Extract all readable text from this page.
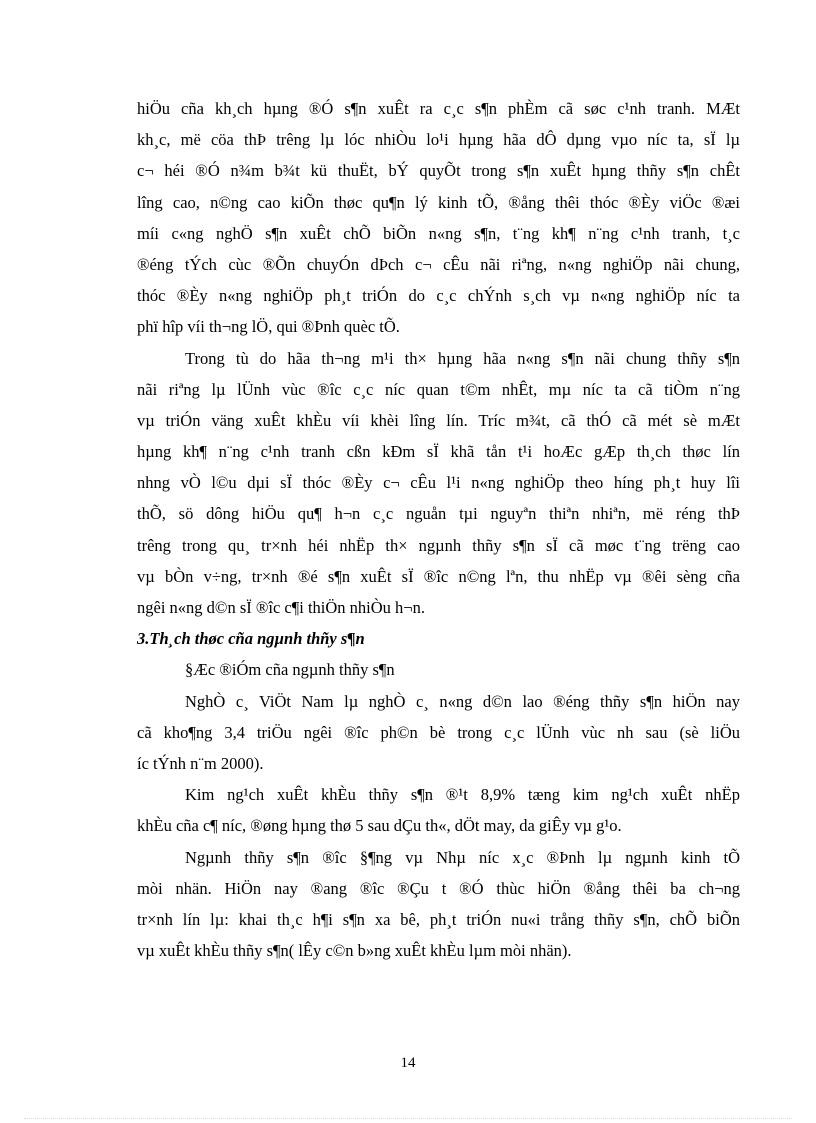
hiÖu cña kh¸ch hµng ®Ó s¶n xuÊt ra c¸c s¶n phÈm cã søc c¹nh tranh. MÆt
kh¸c, më cöa thÞ trêng lµ lóc nhiÒu lo¹i hµng hãa dÔ dµng vµo níc ta, sÏ lµ
c¬ héi ®Ó n¾m b¾t kü thuËt, bÝ quyÕt trong s¶n xuÊt hµng thñy s¶n chÊt
lîng cao, n©ng cao kiÕn thøc qu¶n lý kinh tÕ, ®ång thêi thóc ®Èy viÖc ®æi
míi c«ng nghÖ s¶n xuÊt chÕ biÕn n«ng s¶n, t¨ng kh¶ n¨ng c¹nh tranh, t¸c
®éng tÝch cùc ®Õn chuyÓn dÞch c¬ cÊu nãi riªng, n«ng nghiÖp nãi chung,
thóc ®Èy n«ng nghiÖp ph¸t triÓn do c¸c chÝnh s¸ch vµ n«ng nghiÖp níc ta
phï hîp víi th¬ng lÖ, qui ®Þnh quèc tÕ.
Trong tù do hãa th¬ng m¹i th× hµng hãa n«ng s¶n nãi chung thñy s¶n
nãi riªng lµ lÜnh vùc ®îc c¸c níc quan t©m nhÊt, mµ níc ta cã tiÒm n¨ng
vµ triÓn väng xuÊt khÈu víi khèi lîng lín. Tríc m¾t, cã thÓ cã mét sè mÆt
hµng kh¶ n¨ng c¹nh tranh cßn kÐm sÏ khã tån t¹i hoÆc gÆp th¸ch thøc lín
nhng vÒ l©u dµi sÏ thóc ®Èy c¬ cÊu l¹i n«ng nghiÖp theo híng ph¸t huy lîi
thÕ, sö dông hiÖu qu¶ h¬n c¸c nguån tµi nguyªn thiªn nhiªn, më réng thÞ
trêng trong qu¸ tr×nh héi nhËp th× ngµnh thñy s¶n sÏ cã møc t¨ng trëng cao
vµ bÒn v÷ng, tr×nh ®é s¶n xuÊt sÏ ®îc n©ng lªn, thu nhËp vµ ®êi sèng cña
ngêi n«ng d©n sÏ ®îc c¶i thiÖn nhiÒu h¬n.
3.Th¸ch thøc cña ngµnh thñy s¶n
§Æc ®iÓm cña ngµnh thñy s¶n
NghÒ c¸ ViÖt Nam lµ nghÒ c¸ n«ng d©n lao ®éng thñy s¶n hiÖn nay
cã kho¶ng 3,4 triÖu ngêi ®îc ph©n bè trong c¸c lÜnh vùc nh sau (sè liÖu
íc tÝnh n¨m 2000).
Kim ng¹ch xuÊt khÈu thñy s¶n ®¹t 8,9% tæng kim ng¹ch xuÊt nhËp
khÈu cña c¶ níc, ®øng hµng thø 5 sau dÇu th«, dÖt may, da giÊy vµ g¹o.
Ngµnh thñy s¶n ®îc §¶ng vµ Nhµ níc x¸c ®Þnh lµ ngµnh kinh tÕ
mòi nhän. HiÖn nay ®ang ®îc ®Çu t ®Ó thùc hiÖn ®ång thêi ba ch¬ng
tr×nh lín lµ: khai th¸c h¶i s¶n xa bê, ph¸t triÓn nu«i trång thñy s¶n, chÕ biÕn
vµ xuÊt khÈu thñy s¶n( lÊy c©n b»ng xuÊt khÈu lµm mòi nhän).
14
